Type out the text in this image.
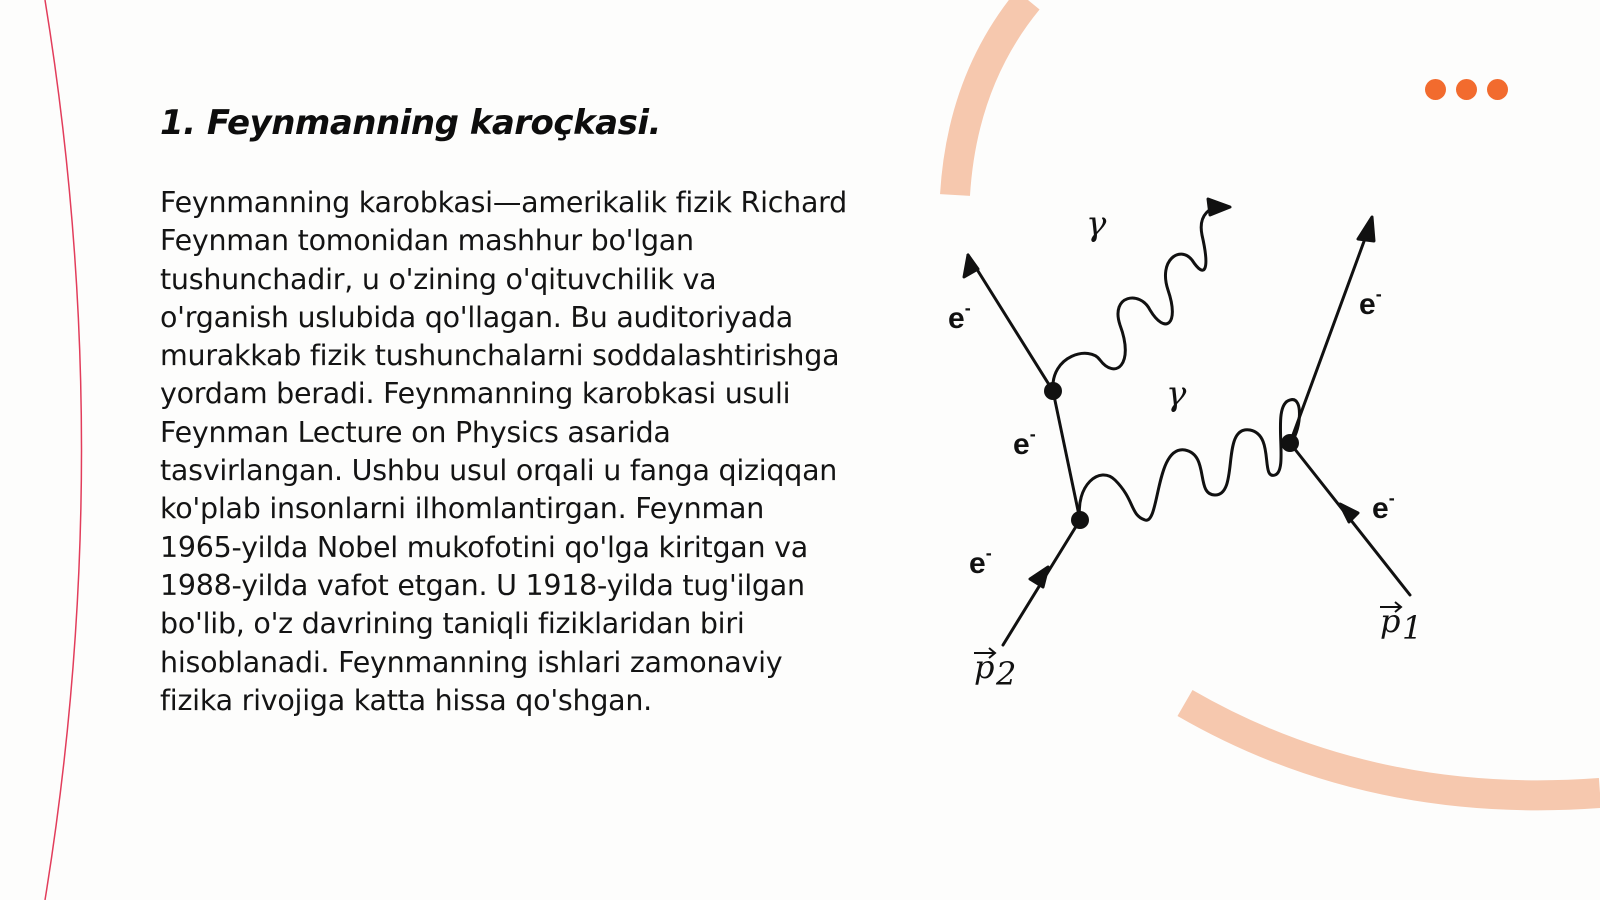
1. Feynmanning karoçkasi.

Feynmanning karobkasi—amerikalik fizik Richard Feynman tomonidan mashhur bo'lgan tushunchadir, u o'zining o'qituvchilik va o'rganish uslubida qo'llagan. Bu auditoriyada murakkab fizik tushunchalarni soddalashtirishga yordam beradi. Feynmanning karobkasi usuli Feynman Lecture on Physics asarida tasvirlangan. Ushbu usul orqali u fanga qiziqqan ko'plab insonlarni ilhomlantirgan. Feynman 1965-yilda Nobel mukofotini qo'lga kiritgan va 1988-yilda vafot etgan. U 1918-yilda tug'ilgan bo'lib, o'z davrining taniqli fiziklaridan biri hisoblanadi. Feynmanning ishlari zamonaviy fizika rivojiga katta hissa qo'shgan.

e-
e-
e-
e-
e-
γ
γ
p 1
p 2
